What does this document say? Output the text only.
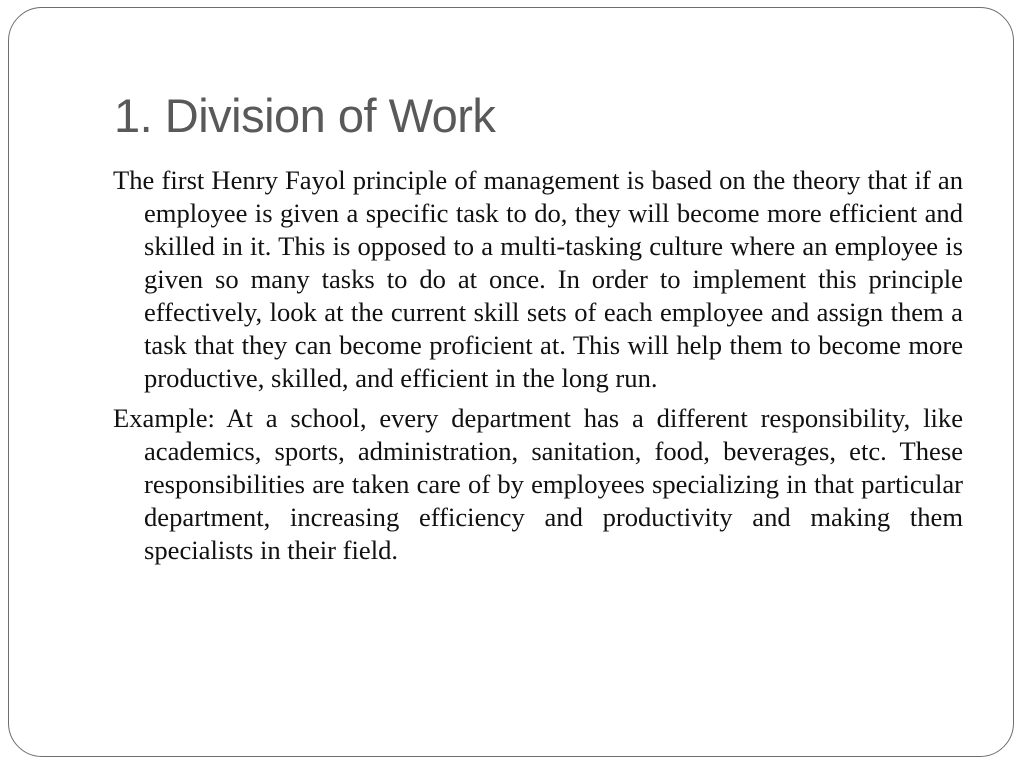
1. Division of Work

The first Henry Fayol principle of management is based on the theory that if an employee is given a specific task to do, they will become more efficient and skilled in it. This is opposed to a multi-tasking culture where an employee is given so many tasks to do at once. In order to implement this principle effectively, look at the current skill sets of each employee and assign them a task that they can become proficient at. This will help them to become more productive, skilled, and efficient in the long run.

Example: At a school, every department has a different responsibility, like academics, sports, administration, sanitation, food, beverages, etc. These responsibilities are taken care of by employees specializing in that particular department, increasing efficiency and productivity and making them specialists in their field.
